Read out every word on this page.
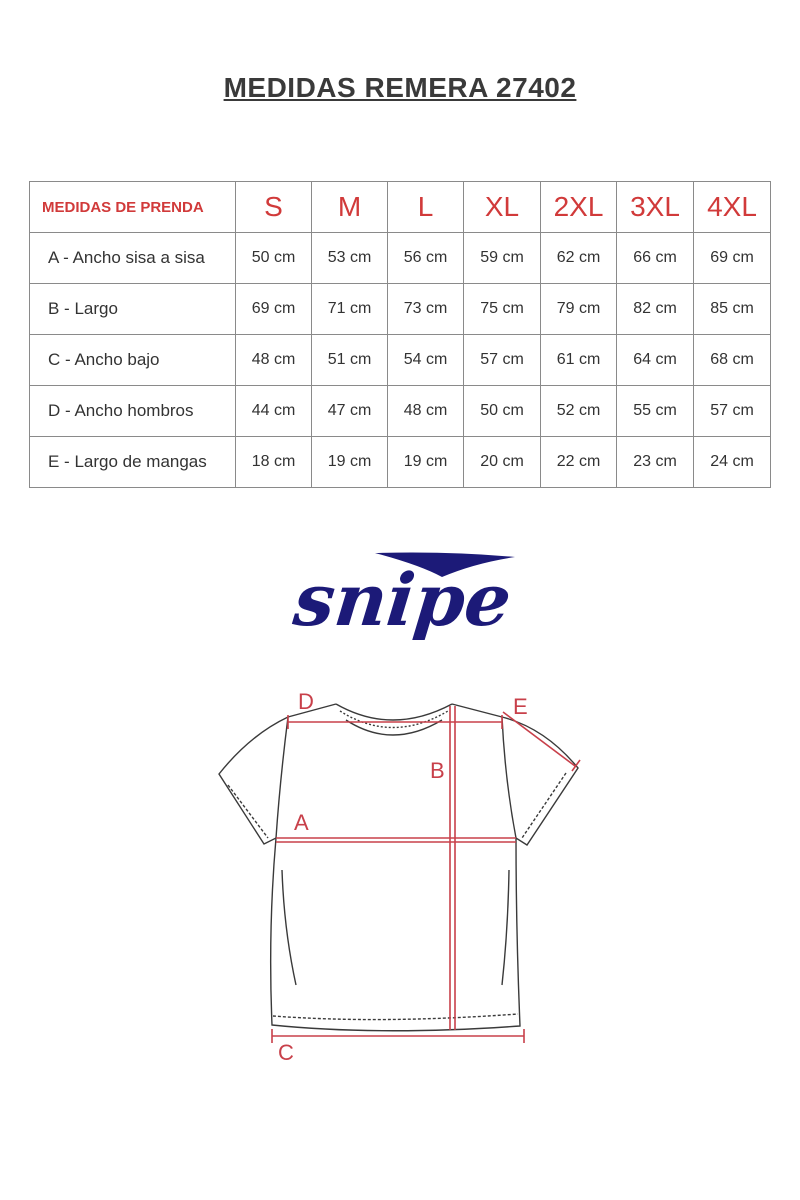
MEDIDAS REMERA 27402
MEDIDAS DE PRENDA	S	M	L	XL	2XL	3XL	4XL
A - Ancho sisa a sisa	50 cm	53 cm	56 cm	59 cm	62 cm	66 cm	69 cm
B - Largo	69 cm	71 cm	73 cm	75 cm	79 cm	82 cm	85 cm
C - Ancho bajo	48 cm	51 cm	54 cm	57 cm	61 cm	64 cm	68 cm
D - Ancho hombros	44 cm	47 cm	48 cm	50 cm	52 cm	55 cm	57 cm
E - Largo de mangas	18 cm	19 cm	19 cm	20 cm	22 cm	23 cm	24 cm
snipe
D
B
A
E
C
